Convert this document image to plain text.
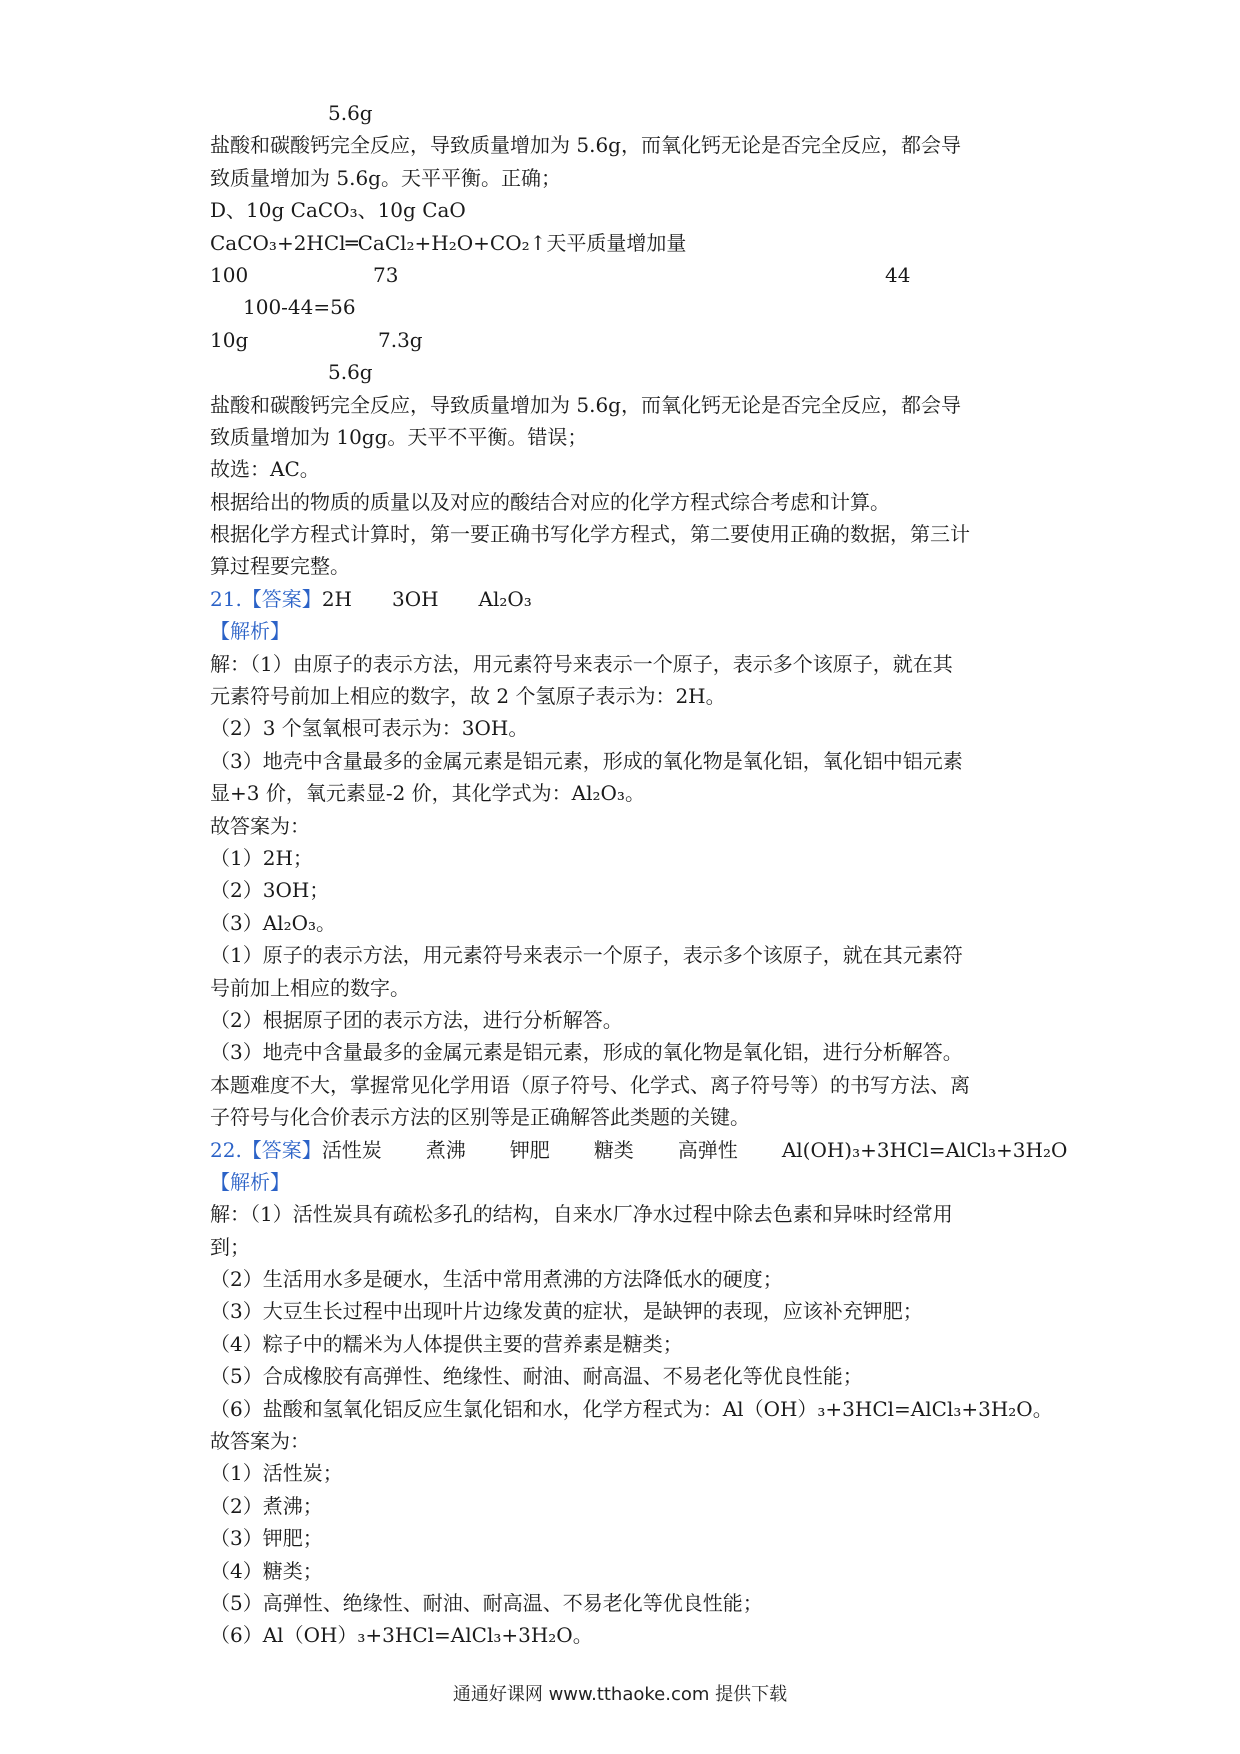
5.6g
盐酸和碳酸钙完全反应，导致质量增加为 5.6g，而氧化钙无论是否完全反应，都会导
致质量增加为 5.6g。天平平衡。正确；
D、10g CaCO₃、10g CaO
CaCO₃+2HCl═CaCl₂+H₂O+CO₂↑天平质量增加量
100	73	44
100-44=56
10g	7.3g
5.6g
盐酸和碳酸钙完全反应，导致质量增加为 5.6g，而氧化钙无论是否完全反应，都会导
致质量增加为 10gg。天平不平衡。错误；
故选：AC。
根据给出的物质的质量以及对应的酸结合对应的化学方程式综合考虑和计算。
根据化学方程式计算时，第一要正确书写化学方程式，第二要使用正确的数据，第三计
算过程要完整。
21.【答案】2H 3OH Al₂O₃
【解析】
解：（1）由原子的表示方法，用元素符号来表示一个原子，表示多个该原子，就在其
元素符号前加上相应的数字，故 2 个氢原子表示为：2H。
（2）3 个氢氧根可表示为：3OH。
（3）地壳中含量最多的金属元素是铝元素，形成的氧化物是氧化铝，氧化铝中铝元素
显+3 价，氧元素显-2 价，其化学式为：Al₂O₃。
故答案为：
（1）2H；
（2）3OH；
（3）Al₂O₃。
（1）原子的表示方法，用元素符号来表示一个原子，表示多个该原子，就在其元素符
号前加上相应的数字。
（2）根据原子团的表示方法，进行分析解答。
（3）地壳中含量最多的金属元素是铝元素，形成的氧化物是氧化铝，进行分析解答。
本题难度不大，掌握常见化学用语（原子符号、化学式、离子符号等）的书写方法、离
子符号与化合价表示方法的区别等是正确解答此类题的关键。
22.【答案】活性炭 煮沸 钾肥 糖类 高弹性 Al(OH)₃+3HCl=AlCl₃+3H₂O
【解析】
解：（1）活性炭具有疏松多孔的结构，自来水厂净水过程中除去色素和异味时经常用
到；
（2）生活用水多是硬水，生活中常用煮沸的方法降低水的硬度；
（3）大豆生长过程中出现叶片边缘发黄的症状，是缺钾的表现，应该补充钾肥；
（4）粽子中的糯米为人体提供主要的营养素是糖类；
（5）合成橡胶有高弹性、绝缘性、耐油、耐高温、不易老化等优良性能；
（6）盐酸和氢氧化铝反应生氯化铝和水，化学方程式为：Al（OH）₃+3HCl=AlCl₃+3H₂O。
故答案为：
（1）活性炭；
（2）煮沸；
（3）钾肥；
（4）糖类；
（5）高弹性、绝缘性、耐油、耐高温、不易老化等优良性能；
（6）Al（OH）₃+3HCl=AlCl₃+3H₂O。
通通好课网 www.tthaoke.com 提供下载
